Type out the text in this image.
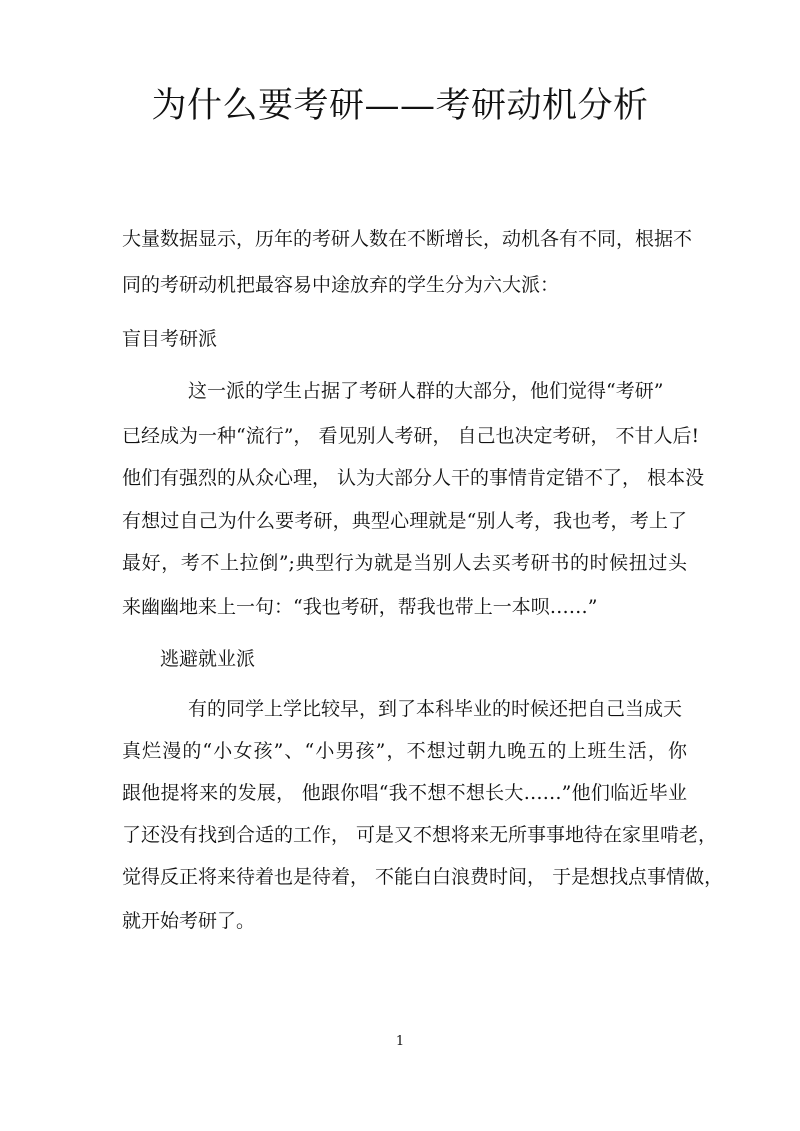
为什么要考研——考研动机分析

大量数据显示，历年的考研人数在不断增长，动机各有不同，根据不

同的考研动机把最容易中途放弃的学生分为六大派：

盲目考研派

这一派的学生占据了考研人群的大部分，他们觉得“考研”

已经成为一种“流行”， 看见别人考研， 自己也决定考研， 不甘人后!

他们有强烈的从众心理， 认为大部分人干的事情肯定错不了， 根本没

有想过自己为什么要考研，典型心理就是“别人考，我也考，考上了

最好，考不上拉倒”;典型行为就是当别人去买考研书的时候扭过头

来幽幽地来上一句：“我也考研，帮我也带上一本呗……”

逃避就业派

有的同学上学比较早，到了本科毕业的时候还把自己当成天

真烂漫的“小女孩”、“小男孩”，不想过朝九晚五的上班生活，你

跟他提将来的发展， 他跟你唱“我不想不想长大……”他们临近毕业

了还没有找到合适的工作， 可是又不想将来无所事事地待在家里啃老，

觉得反正将来待着也是待着， 不能白白浪费时间， 于是想找点事情做，

就开始考研了。

1
